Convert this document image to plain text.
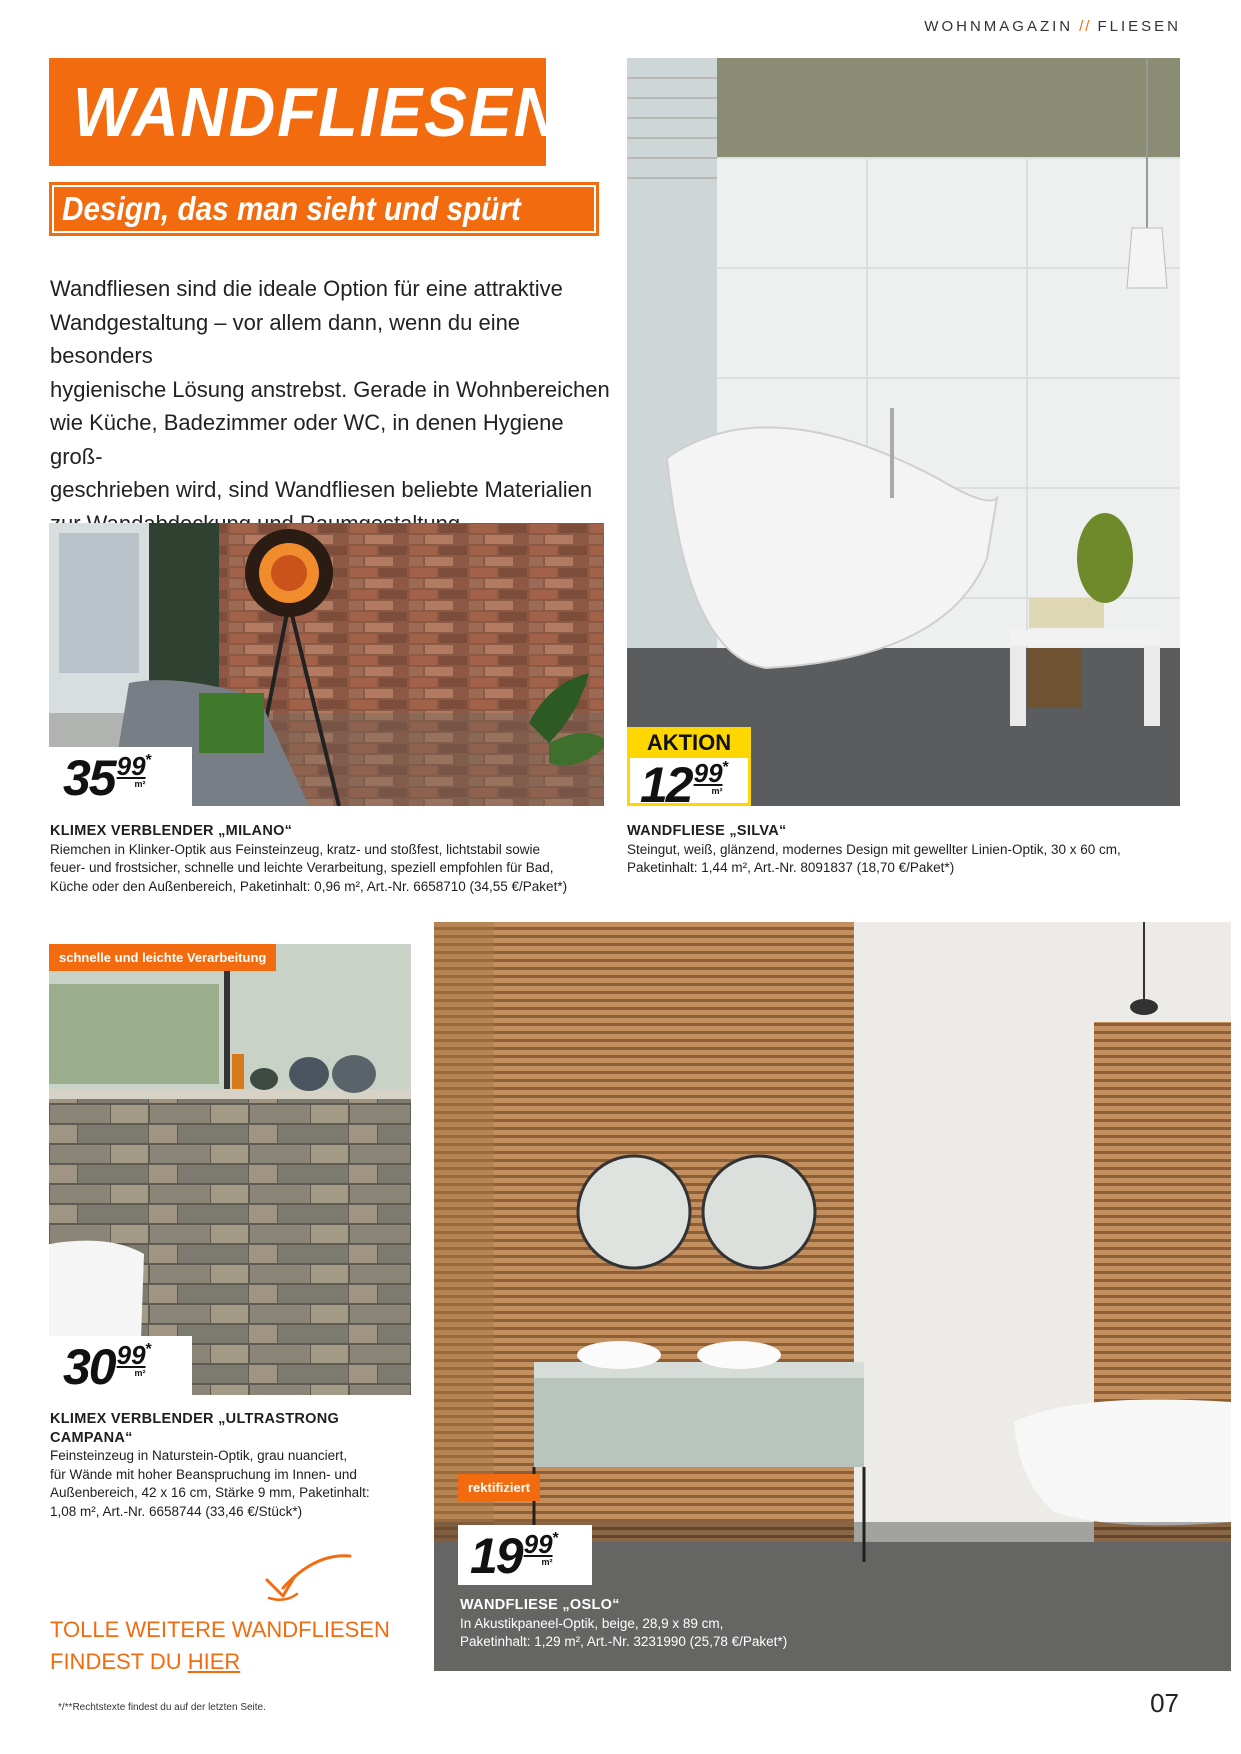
WOHNMAGAZIN // FLIESEN
WANDFLIESEN
Design, das man sieht und spürt
Wandfliesen sind die ideale Option für eine attraktive
Wandgestaltung – vor allem dann, wenn du eine besonders
hygienische Lösung anstrebst. Gerade in Wohnbereichen
wie Küche, Badezimmer oder WC, in denen Hygiene groß-
geschrieben wird, sind Wandfliesen beliebte Materialien
35 99
m²
*
AKTION
12 99
m²
*
KLIMEX VERBLENDER „MILANO“
Riemchen in Klinker-Optik aus Feinsteinzeug, kratz- und stoßfest, lichtstabil sowie
feuer- und frostsicher, schnelle und leichte Verarbeitung, speziell empfohlen für Bad,
Küche oder den Außenbereich, Paketinhalt: 0,96 m², Art.-Nr. 6658710 (34,55 €/Paket*)
WANDFLIESE „SILVA“
Steingut, weiß, glänzend, modernes Design mit gewellter Linien-Optik, 30 x 60 cm,
Paketinhalt: 1,44 m², Art.-Nr. 8091837 (18,70 €/Paket*)
schnelle und leichte Verarbeitung
30 99
m²
*
KLIMEX VERBLENDER „ULTRASTRONG CAMPANA“
Feinsteinzeug in Naturstein-Optik, grau nuanciert,
für Wände mit hoher Beanspruchung im Innen- und
Außenbereich, 42 x 16 cm, Stärke 9 mm, Paketinhalt:
1,08 m², Art.-Nr. 6658744 (33,46 €/Stück*)
rektifiziert
19 99
m²
*
WANDFLIESE „OSLO“
In Akustikpaneel-Optik, beige, 28,9 x 89 cm,
Paketinhalt: 1,29 m², Art.-Nr. 3231990 (25,78 €/Paket*)
TOLLE WEITERE WANDFLIESEN
FINDEST DU HIER
*/**Rechtstexte findest du auf der letzten Seite.	07
